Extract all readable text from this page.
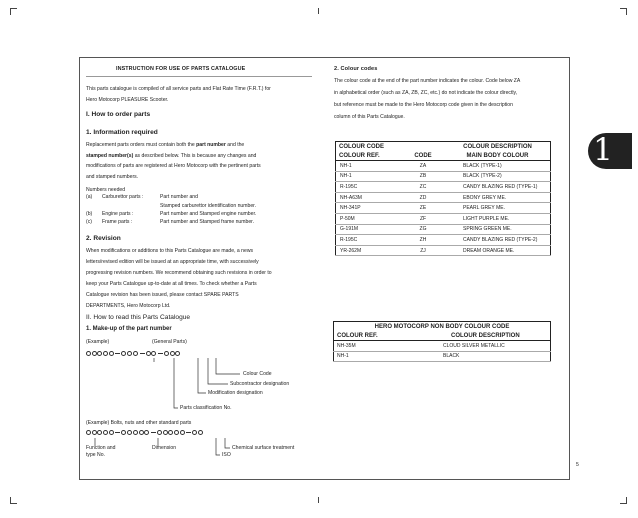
1
5
INSTRUCTION FOR USE OF PARTS CATALOGUE
This parts catalogue is compiled of all service parts and Flat Rate Time (F.R.T.) for
Hero Motocorp PLEASURE Scooter.
I. How to order parts
1. Information required
Replacement parts orders must contain both the part number and the
stamped number(s) as described below. This is because any changes and
modifications of parts are registered at Hero Motocorp with the pertinent parts
and stamped numbers.
Numbers needed
(a) Carburettor parts :	Part number and
Stamped carburettor identification number.
(b) Engine parts :	Part number and Stamped engine number.
(c) Frame parts :	Part number and Stamped frame number.
2. Revision
When modifications or additions to this Parts Catalogue are made, a news
letters/revised edition will be issued at an appropriate time, with successively
progressing revision numbers. We recommend obtaining such revisions in order to
keep your Parts Catalogue up-to-date at all times. To check whether a Parts
Catalogue revision has been issued, please contact SPARE PARTS
DEPARTMENTS, Hero Motocorp Ltd.
II. How to read this Parts Catalogue
1. Make-up of the part number
(Example)	(General Parts)
Colour Code
Subcontractor designation
Modification designation
Parts classification No.
(Example) Bolts, nuts and other standard parts
Function and
type No.
Dimension	Chemical surface treatment
ISO
2. Colour codes
The colour code at the end of the part number indicates the colour. Code below ZA
in alphabetical order (such as ZA, ZB, ZC, etc.) do not indicate the colour directly,
but reference must be made to the Hero Motocorp code given in the description
column of this Parts Catalogue.
COLOUR CODE		COLOUR DESCRIPTION
COLOUR REF.	CODE	MAIN BODY COLOUR
NH-1	ZA	BLACK (TYPE-1)
NH-1	ZB	BLACK (TYPE-2)
R-195C	ZC	CANDY BLAZING RED (TYPE-1)
NH-A63M	ZD	EBONY GREY ME.
NH-341P	ZE	PEARL GREY ME.
P-50M	ZF	LIGHT PURPLE ME.
G-191M	ZG	SPRING GREEN ME.
R-195C	ZH	CANDY BLAZING RED (TYPE-2)
YR-262M	ZJ	DREAM ORANGE ME.
HERO MOTOCORP NON BODY COLOUR CODE	
COLOUR REF.	COLOUR DESCRIPTION
NH-35M	CLOUD SILVER METALLIC
NH-1	BLACK
